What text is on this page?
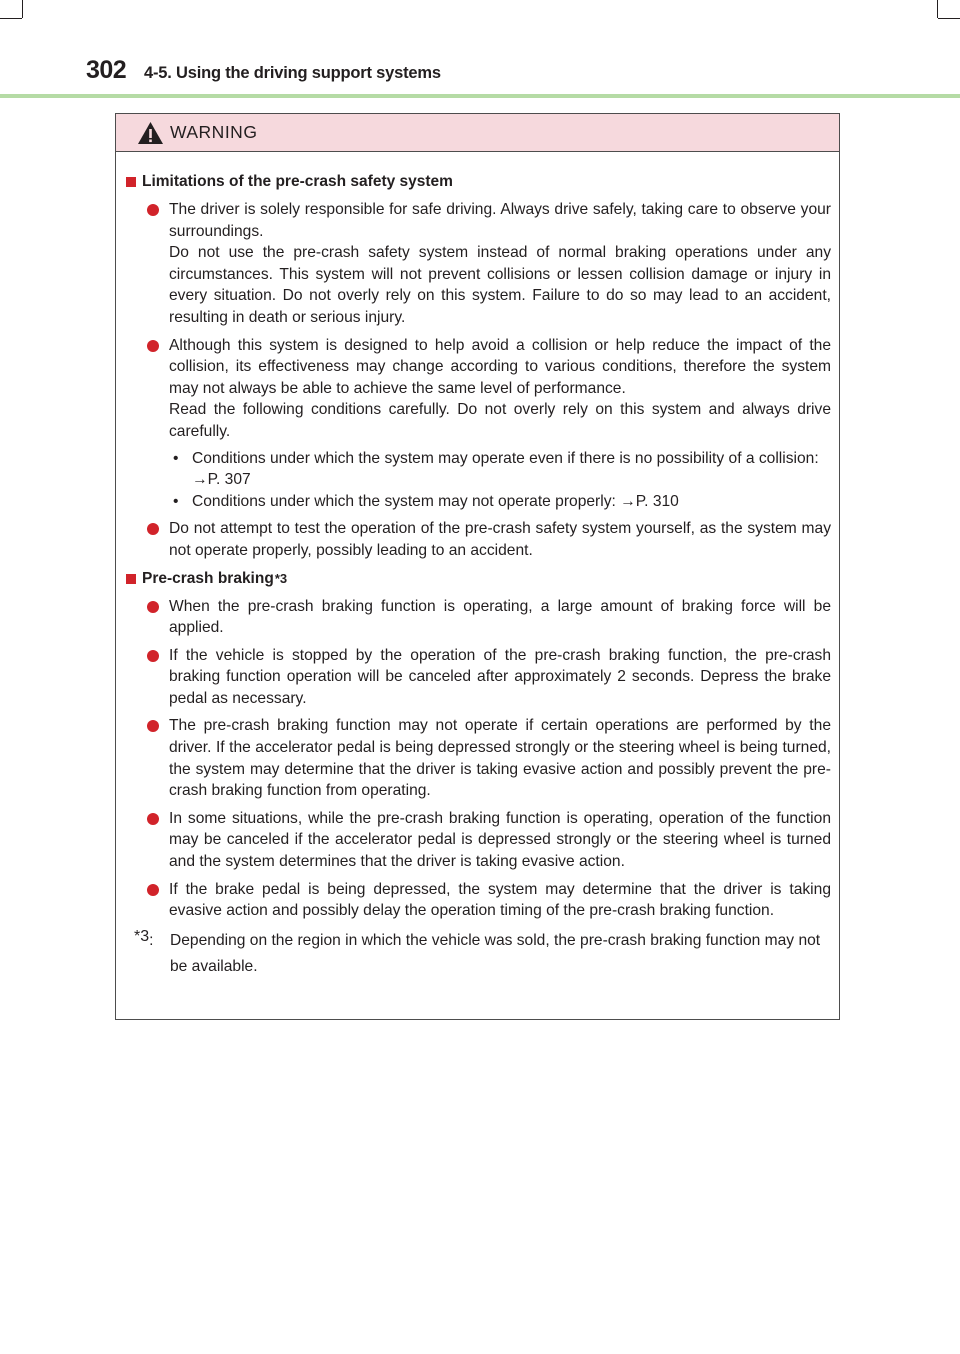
302	4-5. Using the driving support systems
WARNING
Limitations of the pre-crash safety system

The driver is solely responsible for safe driving. Always drive safely, taking care to observe your surroundings.

Do not use the pre-crash safety system instead of normal braking operations under any circumstances. This system will not prevent collisions or lessen collision damage or injury in every situation. Do not overly rely on this system. Failure to do so may lead to an accident, resulting in death or serious injury.

Although this system is designed to help avoid a collision or help reduce the impact of the collision, its effectiveness may change according to various conditions, therefore the system may not always be able to achieve the same level of performance.

Read the following conditions carefully. Do not overly rely on this system and always drive carefully.

• Conditions under which the system may operate even if there is no possibility of a collision: →P. 307
• Conditions under which the system may not operate properly: →P. 310

Do not attempt to test the operation of the pre-crash safety system yourself, as the system may not operate properly, possibly leading to an accident.

Pre-crash braking *3

When the pre-crash braking function is operating, a large amount of braking force will be applied.

If the vehicle is stopped by the operation of the pre-crash braking function, the pre-crash braking function operation will be canceled after approximately 2 seconds. Depress the brake pedal as necessary.

The pre-crash braking function may not operate if certain operations are performed by the driver. If the accelerator pedal is being depressed strongly or the steering wheel is being turned, the system may determine that the driver is taking evasive action and possibly prevent the pre-crash braking function from operating.

In some situations, while the pre-crash braking function is operating, operation of the function may be canceled if the accelerator pedal is depressed strongly or the steering wheel is turned and the system determines that the driver is taking evasive action.

If the brake pedal is being depressed, the system may determine that the driver is taking evasive action and possibly delay the operation timing of the pre-crash braking function.

$^{*3}$:	Depending on the region in which the vehicle was sold, the pre-crash braking function may not be available.
